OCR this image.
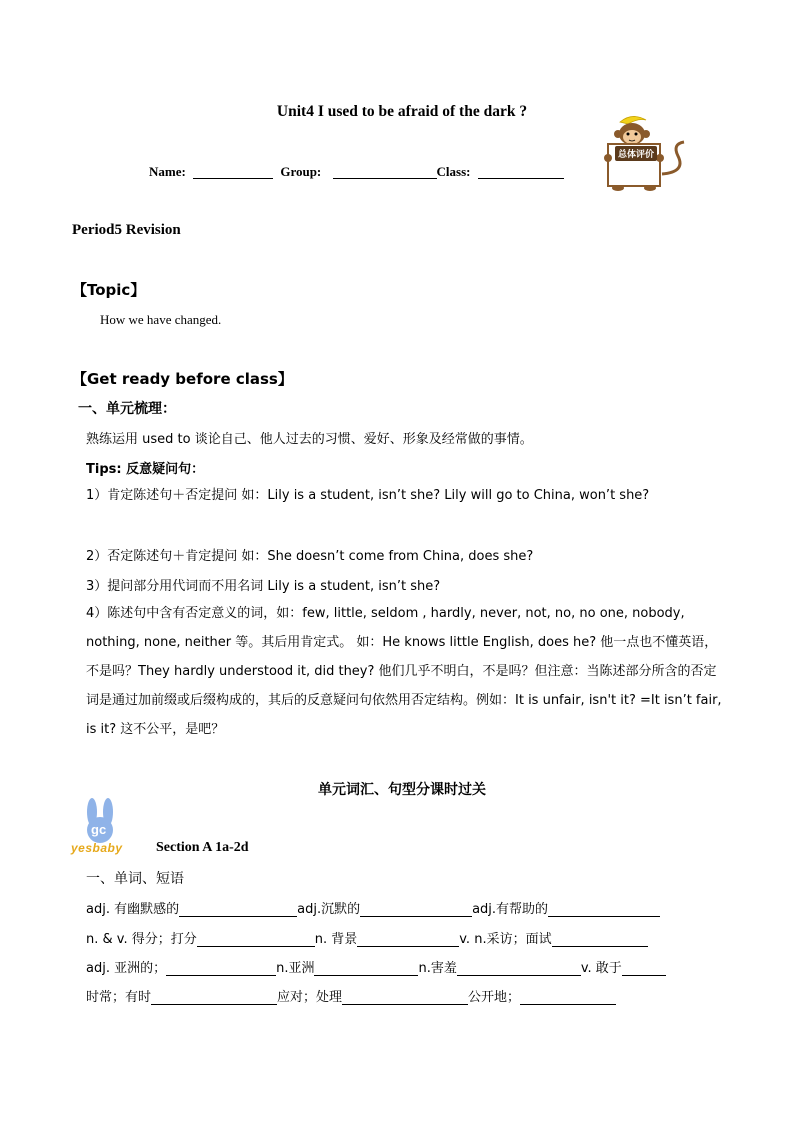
Unit4 I used to be afraid of the dark ?
Name:	Group:	Class:
总体评价
Period5 Revision
【Topic】
How we have changed.
【Get ready before class】
一、单元梳理：
熟练运用 used to 谈论自己、他人过去的习惯、爱好、形象及经常做的事情。
Tips: 反意疑问句：
1）肯定陈述句＋否定提问 如：Lily is a student, isn’t she? Lily will go to China, won’t she?
2）否定陈述句＋肯定提问 如：She doesn’t come from China, does she?
3）提问部分用代词而不用名词 Lily is a student, isn’t she?
4）陈述句中含有否定意义的词，如：few, little, seldom , hardly, never, not, no, no one, nobody, nothing, none, neither 等。其后用肯定式。 如：He knows little English, does he? 他一点也不懂英语，不是吗？They hardly understood it, did they? 他们几乎不明白，不是吗？但注意：当陈述部分所含的否定词是通过加前缀或后缀构成的，其后的反意疑问句依然用否定结构。例如：It is unfair, isn't it? =It isn’t fair, is it? 这不公平，是吧？
单元词汇、句型分课时过关
gc
yesbaby Section A 1a-2d
一、单词、短语
adj. 有幽默感的	adj.沉默的	adj.有帮助的
n. & v. 得分；打分	n. 背景	v. n.采访；面试
adj. 亚洲的；	n.亚洲	n.害羞	v. 敢于
时常；有时	应对；处理	公开地；
